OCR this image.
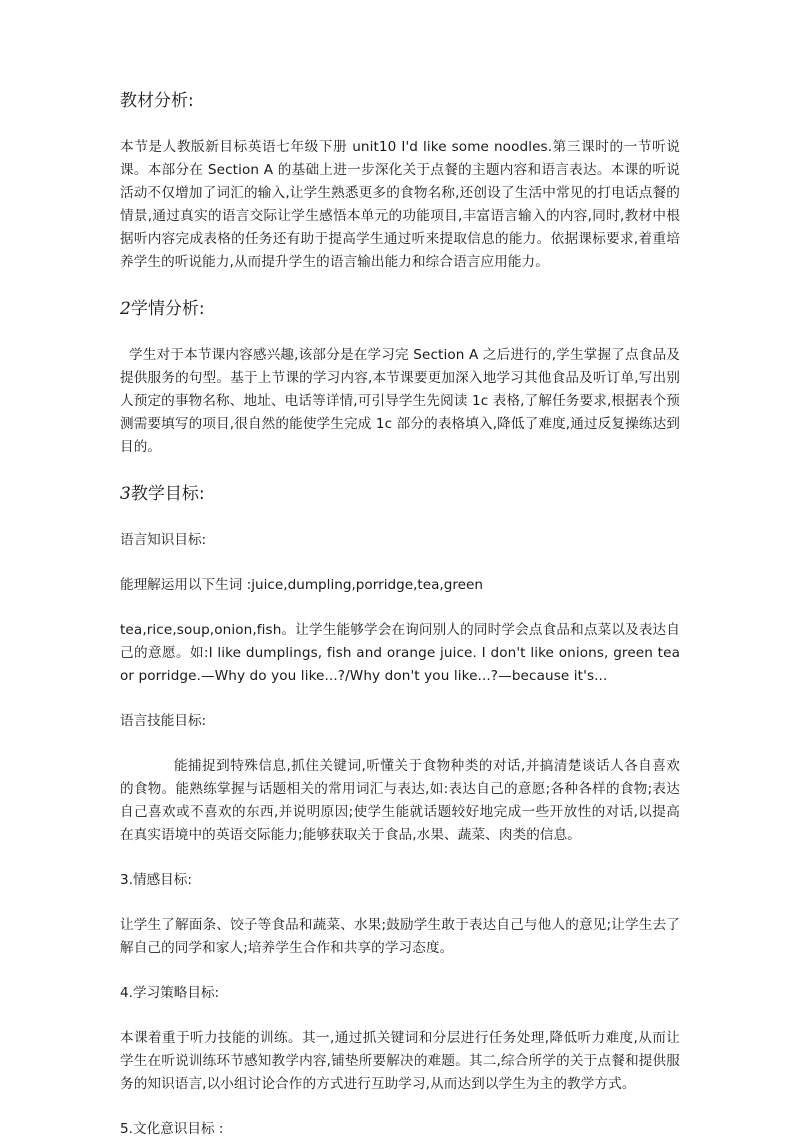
教材分析:
本节是人教版新目标英语七年级下册 unit10 I'd like some noodles.第三课时的一节听说课。本部分在 Section A 的基础上进一步深化关于点餐的主题内容和语言表达。本课的听说活动不仅增加了词汇的输入,让学生熟悉更多的食物名称,还创设了生活中常见的打电话点餐的情景,通过真实的语言交际让学生感悟本单元的功能项目,丰富语言输入的内容,同时,教材中根据听内容完成表格的任务还有助于提高学生通过听来提取信息的能力。依据课标要求,着重培养学生的听说能力,从而提升学生的语言输出能力和综合语言应用能力。
2学情分析:
学生对于本节课内容感兴趣,该部分是在学习完 Section A 之后进行的,学生掌握了点食品及提供服务的句型。基于上节课的学习内容,本节课要更加深入地学习其他食品及听订单,写出别人预定的事物名称、地址、电话等详情,可引导学生先阅读 1c 表格,了解任务要求,根据表个预测需要填写的项目,很自然的能使学生完成 1c 部分的表格填入,降低了难度,通过反复操练达到目的。
3教学目标:
语言知识目标:
能理解运用以下生词 :juice,dumpling,porridge,tea,green
tea,rice,soup,onion,fish。让学生能够学会在询问别人的同时学会点食品和点菜以及表达自己的意愿。如:I like dumplings, fish and orange juice. I don't like onions, green tea or porridge.—Why do you like...?/Why don't you like...?—because it's...
语言技能目标:
能捕捉到特殊信息,抓住关键词,听懂关于食物种类的对话,并搞清楚谈话人各自喜欢的食物。能熟练掌握与话题相关的常用词汇与表达,如:表达自己的意愿;各种各样的食物;表达自己喜欢或不喜欢的东西,并说明原因;使学生能就话题较好地完成一些开放性的对话,以提高在真实语境中的英语交际能力;能够获取关于食品,水果、蔬菜、肉类的信息。
3.情感目标:
让学生了解面条、饺子等食品和蔬菜、水果;鼓励学生敢于表达自己与他人的意见;让学生去了解自己的同学和家人;培养学生合作和共享的学习态度。
4.学习策略目标:
本课着重于听力技能的训练。其一,通过抓关键词和分层进行任务处理,降低听力难度,从而让学生在听说训练环节感知教学内容,铺垫所要解决的难题。其二,综合所学的关于点餐和提供服务的知识语言,以小组讨论合作的方式进行互助学习,从而达到以学生为主的教学方式。
5.文化意识目标 :
